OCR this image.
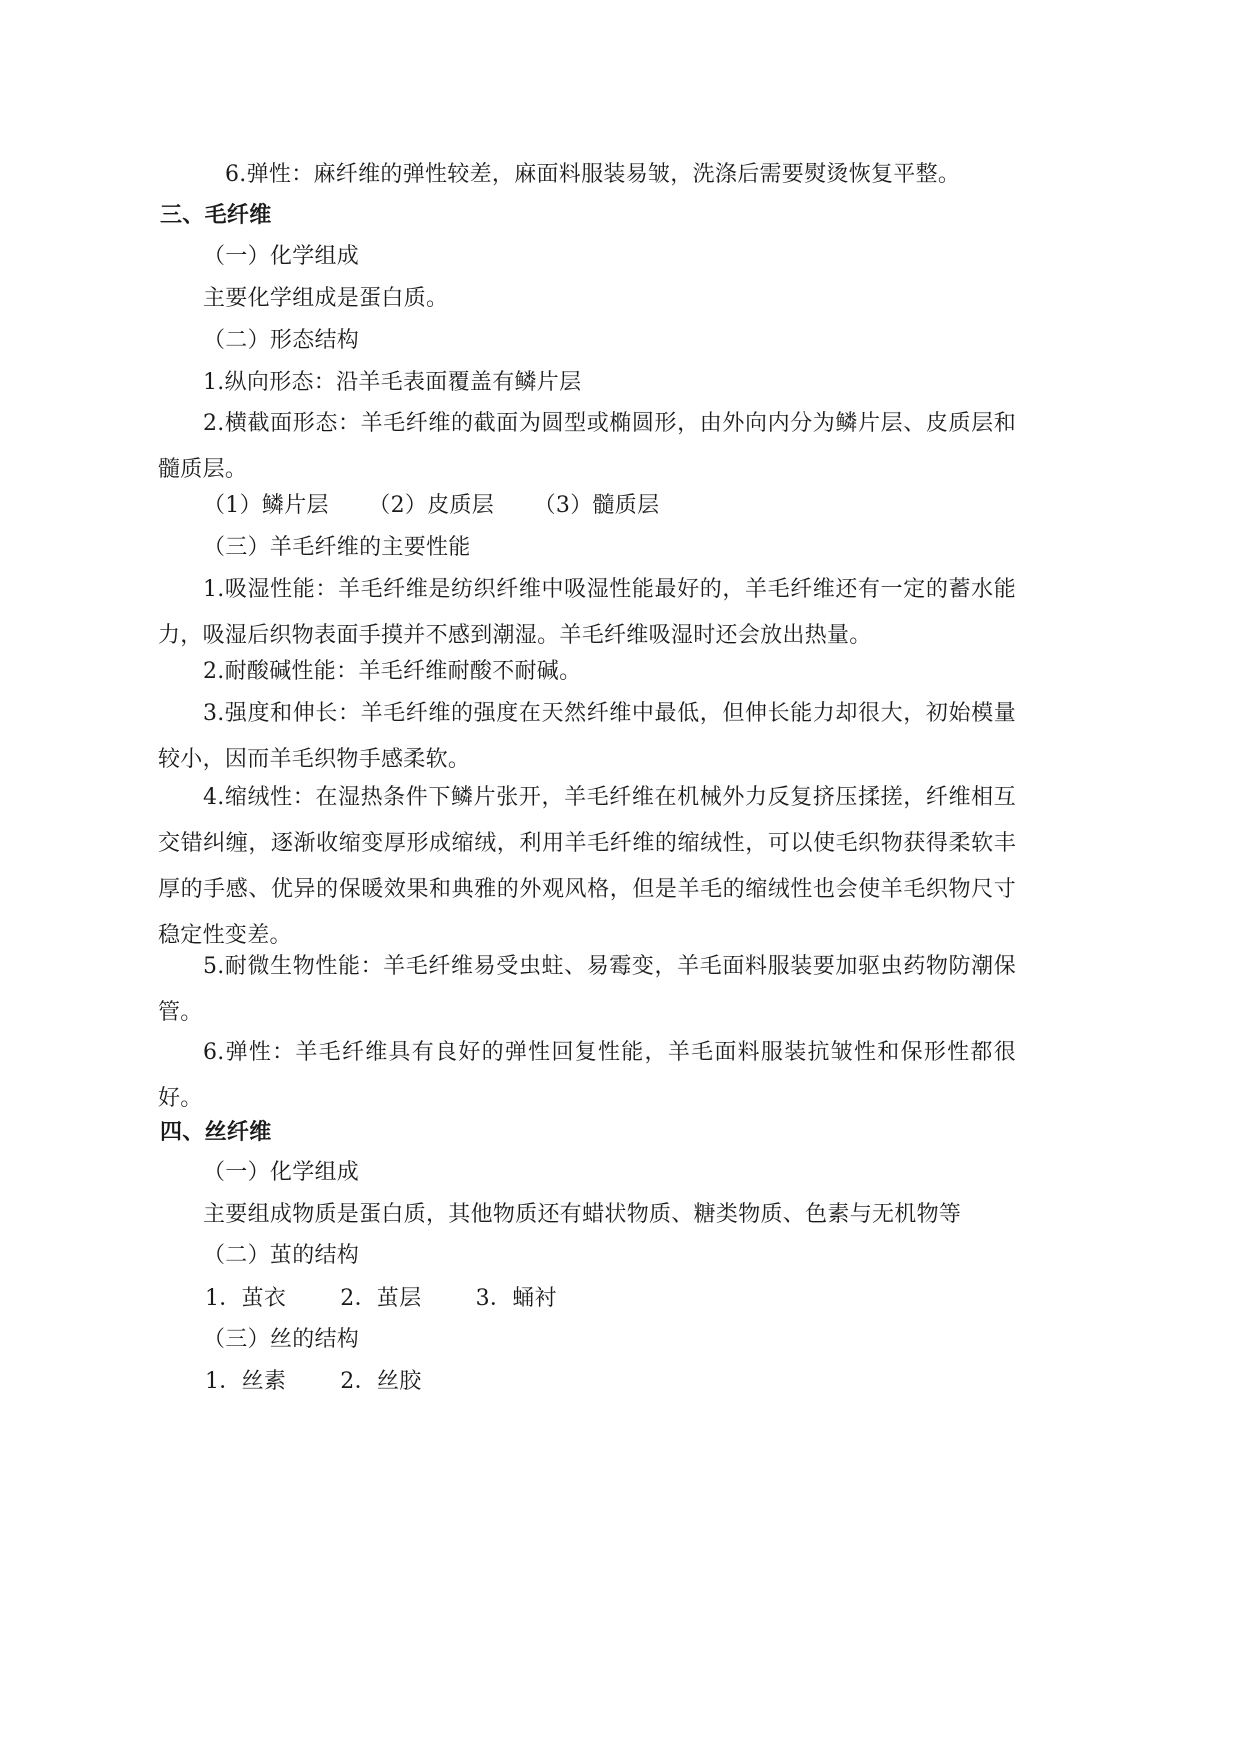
6.弹性：麻纤维的弹性较差，麻面料服装易皱，洗涤后需要熨烫恢复平整。
三、毛纤维
（一）化学组成
主要化学组成是蛋白质。
（二）形态结构
1.纵向形态：沿羊毛表面覆盖有鳞片层
2.横截面形态：羊毛纤维的截面为圆型或椭圆形，由外向内分为鳞片层、皮质层和髓质层。
（1）鳞片层 （2）皮质层 （3）髓质层
（三）羊毛纤维的主要性能
1.吸湿性能：羊毛纤维是纺织纤维中吸湿性能最好的，羊毛纤维还有一定的蓄水能力，吸湿后织物表面手摸并不感到潮湿。羊毛纤维吸湿时还会放出热量。
2.耐酸碱性能：羊毛纤维耐酸不耐碱。
3.强度和伸长：羊毛纤维的强度在天然纤维中最低，但伸长能力却很大，初始模量较小，因而羊毛织物手感柔软。
4.缩绒性：在湿热条件下鳞片张开，羊毛纤维在机械外力反复挤压揉搓，纤维相互交错纠缠，逐渐收缩变厚形成缩绒，利用羊毛纤维的缩绒性，可以使毛织物获得柔软丰厚的手感、优异的保暖效果和典雅的外观风格，但是羊毛的缩绒性也会使羊毛织物尺寸稳定性变差。
5.耐微生物性能：羊毛纤维易受虫蛀、易霉变，羊毛面料服装要加驱虫药物防潮保管。
6.弹性：羊毛纤维具有良好的弹性回复性能，羊毛面料服装抗皱性和保形性都很好。
四、丝纤维
（一）化学组成
主要组成物质是蛋白质，其他物质还有蜡状物质、糖类物质、色素与无机物等
（二）茧的结构
1．茧衣 2．茧层 3．蛹衬
（三）丝的结构
1．丝素 2．丝胶
